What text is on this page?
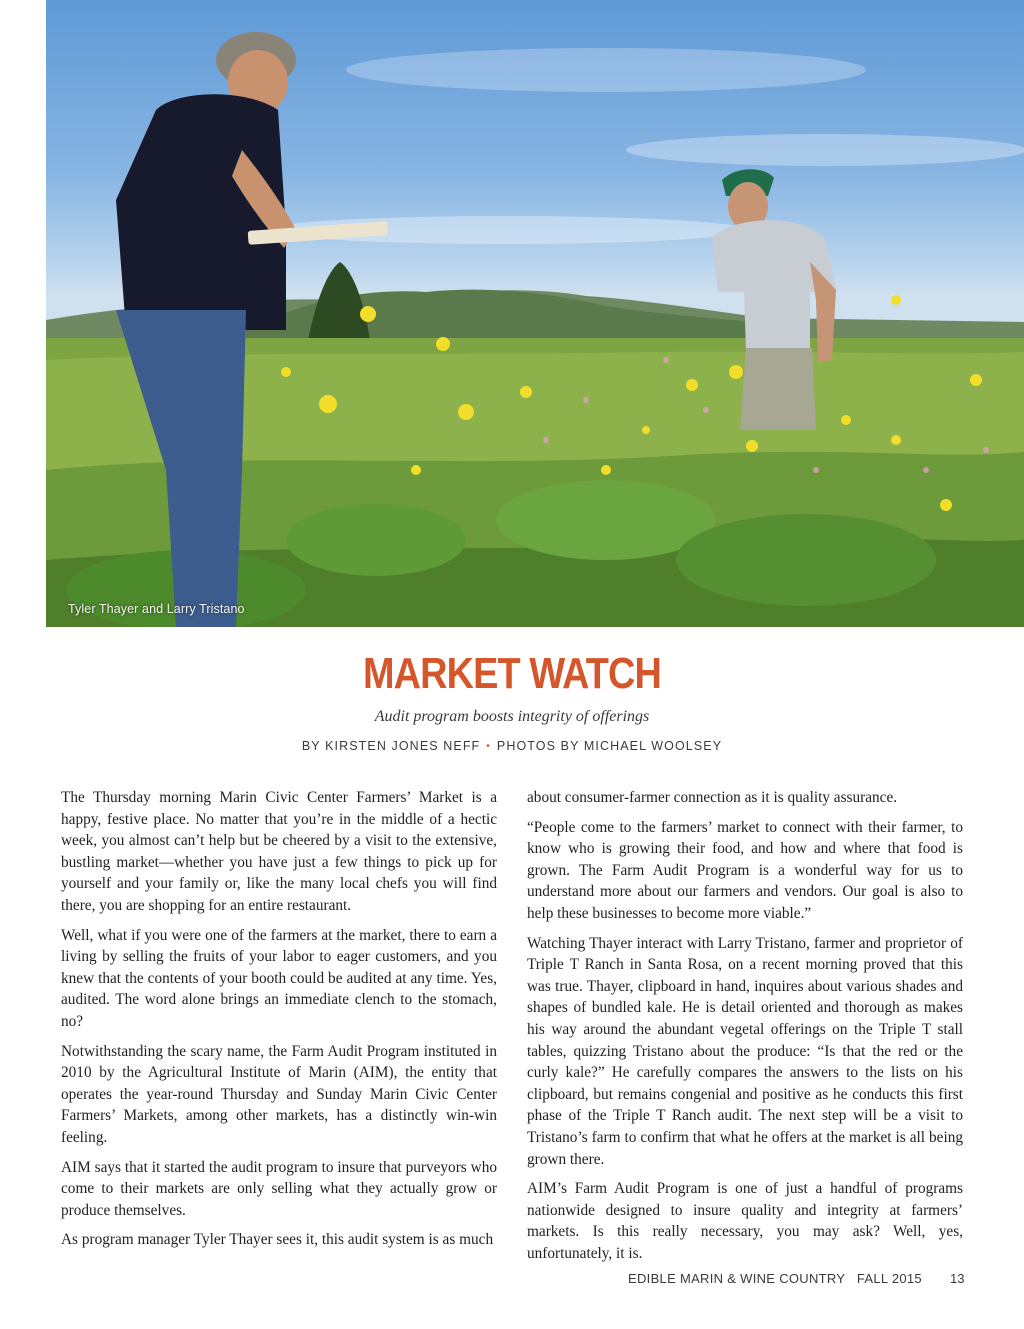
Tyler Thayer and Larry Tristano
MARKET WATCH
Audit program boosts integrity of offerings
BY KIRSTEN JONES NEFF • PHOTOS BY MICHAEL WOOLSEY

The Thursday morning Marin Civic Center Farmers’ Market is a happy, festive place. No matter that you’re in the middle of a hectic week, you almost can’t help but be cheered by a visit to the extensive, bustling market—whether you have just a few things to pick up for yourself and your family or, like the many local chefs you will find there, you are shopping for an entire restaurant.

Well, what if you were one of the farmers at the market, there to earn a living by selling the fruits of your labor to eager customers, and you knew that the contents of your booth could be audited at any time. Yes, audited. The word alone brings an immediate clench to the stomach, no?

Notwithstanding the scary name, the Farm Audit Program instituted in 2010 by the Agricultural Institute of Marin (AIM), the entity that operates the year-round Thursday and Sunday Marin Civic Center Farmers’ Markets, among other markets, has a distinctly win-win feeling.

AIM says that it started the audit program to insure that purveyors who come to their markets are only selling what they actually grow or produce themselves.

As program manager Tyler Thayer sees it, this audit system is as much

about consumer-farmer connection as it is quality assurance.

“People come to the farmers’ market to connect with their farmer, to know who is growing their food, and how and where that food is grown. The Farm Audit Program is a wonderful way for us to understand more about our farmers and vendors. Our goal is also to help these businesses to become more viable.”

Watching Thayer interact with Larry Tristano, farmer and proprietor of Triple T Ranch in Santa Rosa, on a recent morning proved that this was true. Thayer, clipboard in hand, inquires about various shades and shapes of bundled kale. He is detail oriented and thorough as makes his way around the abundant vegetal offerings on the Triple T stall tables, quizzing Tristano about the produce: “Is that the red or the curly kale?” He carefully compares the answers to the lists on his clipboard, but remains congenial and positive as he conducts this first phase of the Triple T Ranch audit. The next step will be a visit to Tristano’s farm to confirm that what he offers at the market is all being grown there.

AIM’s Farm Audit Program is one of just a handful of programs nationwide designed to insure quality and integrity at farmers’ markets. Is this really necessary, you may ask? Well, yes, unfortunately, it is.

EDIBLE MARIN & WINE COUNTRY   FALL 2015 13
